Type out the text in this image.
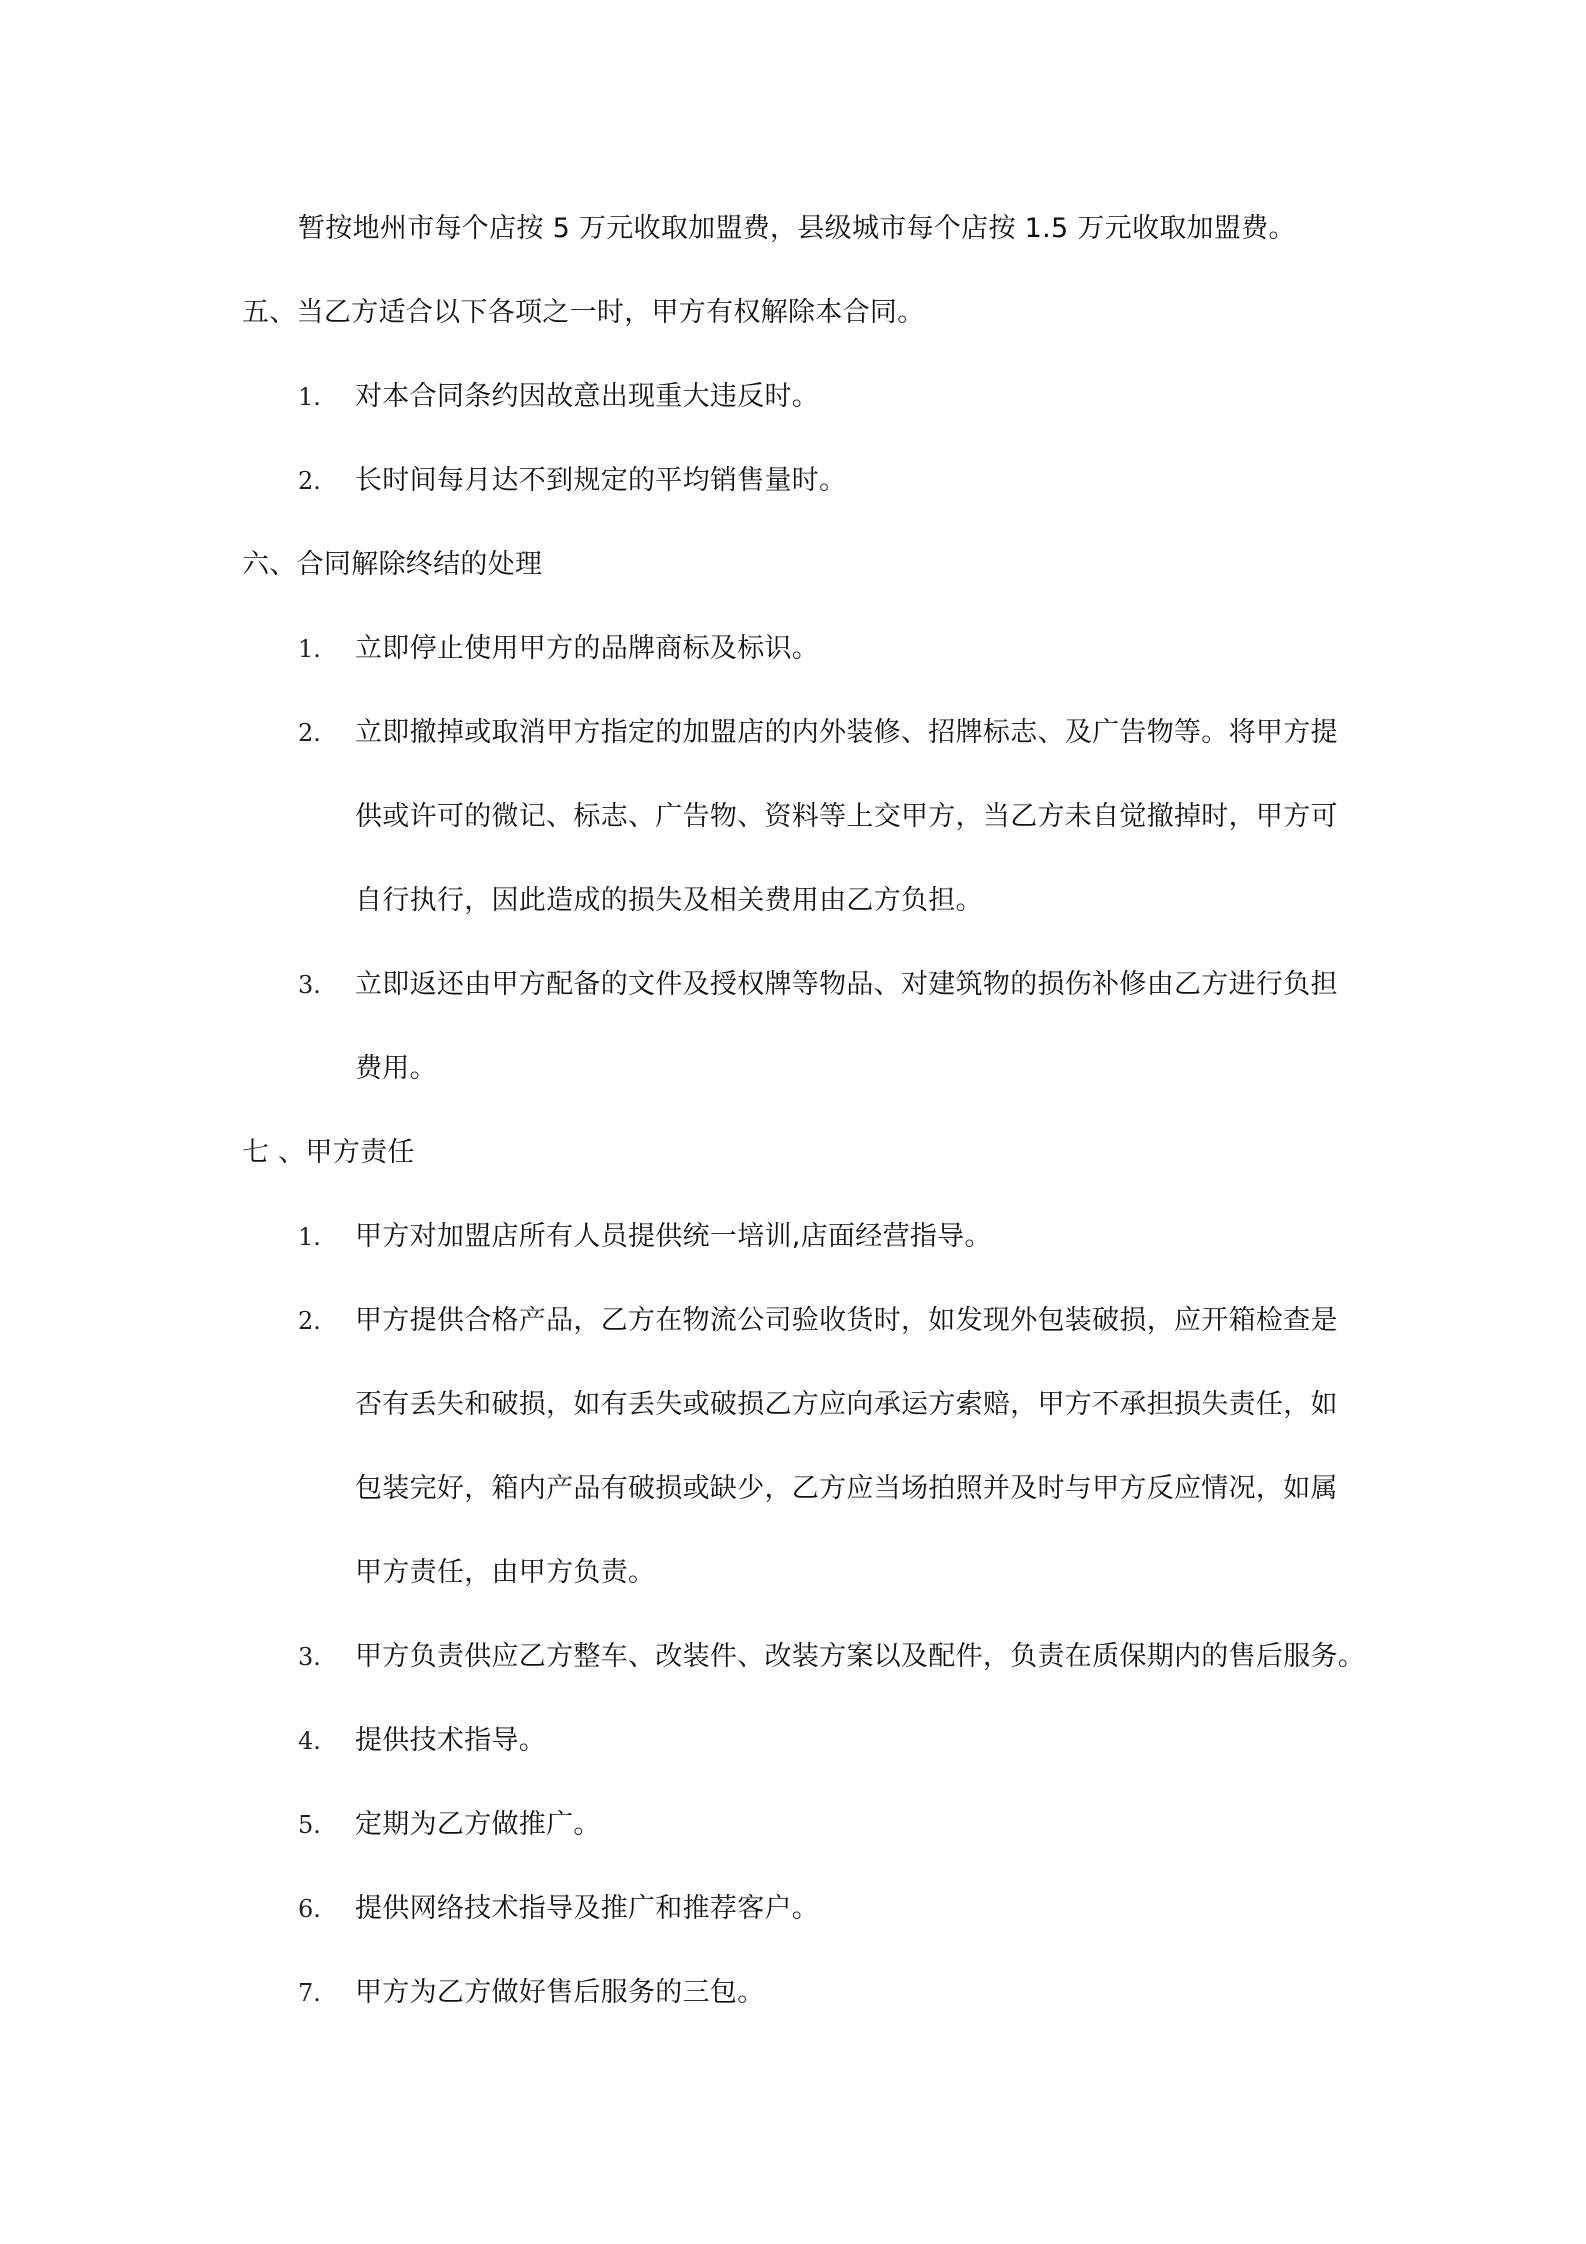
暂按地州市每个店按 5 万元收取加盟费，县级城市每个店按 1.5 万元收取加盟费。
五、当乙方适合以下各项之一时，甲方有权解除本合同。
1. 对本合同条约因故意出现重大违反时。
2. 长时间每月达不到规定的平均销售量时。
六、合同解除终结的处理
1. 立即停止使用甲方的品牌商标及标识。
2. 立即撤掉或取消甲方指定的加盟店的内外装修、招牌标志、及广告物等。将甲方提
供或许可的微记、标志、广告物、资料等上交甲方，当乙方未自觉撤掉时，甲方可
自行执行，因此造成的损失及相关费用由乙方负担。
3. 立即返还由甲方配备的文件及授权牌等物品、对建筑物的损伤补修由乙方进行负担
费用。
七 、甲方责任
1. 甲方对加盟店所有人员提供统一培训,店面经营指导。
2. 甲方提供合格产品，乙方在物流公司验收货时，如发现外包装破损，应开箱检查是
否有丢失和破损，如有丢失或破损乙方应向承运方索赔，甲方不承担损失责任，如
包装完好，箱内产品有破损或缺少，乙方应当场拍照并及时与甲方反应情况，如属
甲方责任，由甲方负责。
3. 甲方负责供应乙方整车、改装件、改装方案以及配件，负责在质保期内的售后服务。
4. 提供技术指导。
5. 定期为乙方做推广。
6. 提供网络技术指导及推广和推荐客户。
7. 甲方为乙方做好售后服务的三包。
